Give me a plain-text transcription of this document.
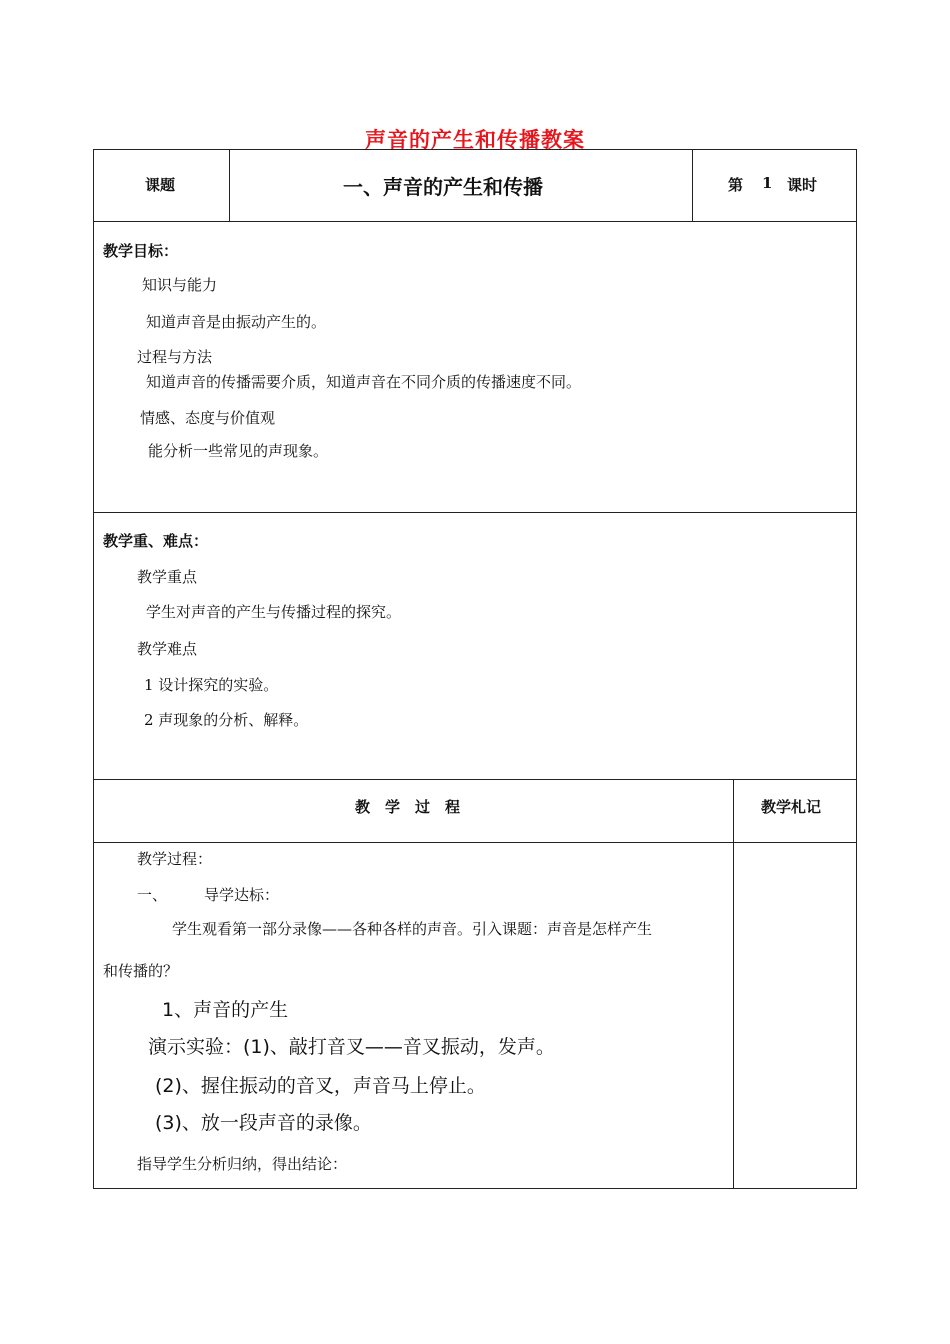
声音的产生和传播教案
课题	一、声音的产生和传播	第 1 课时
教学目标：
知识与能力
知道声音是由振动产生的。
过程与方法
知道声音的传播需要介质，知道声音在不同介质的传播速度不同。
情感、态度与价值观
能分析一些常见的声现象。
教学重、难点：
教学重点
学生对声音的产生与传播过程的探究。
教学难点
1 设计探究的实验。
2 声现象的分析、解释。
教　学　过　程	教学札记
教学过程：
一、 导学达标：
学生观看第一部分录像——各种各样的声音。引入课题：声音是怎样产生
和传播的？
1、声音的产生
演示实验：(1)、敲打音叉——音叉振动，发声。
(2)、握住振动的音叉，声音马上停止。
(3)、放一段声音的录像。
指导学生分析归纳，得出结论：
